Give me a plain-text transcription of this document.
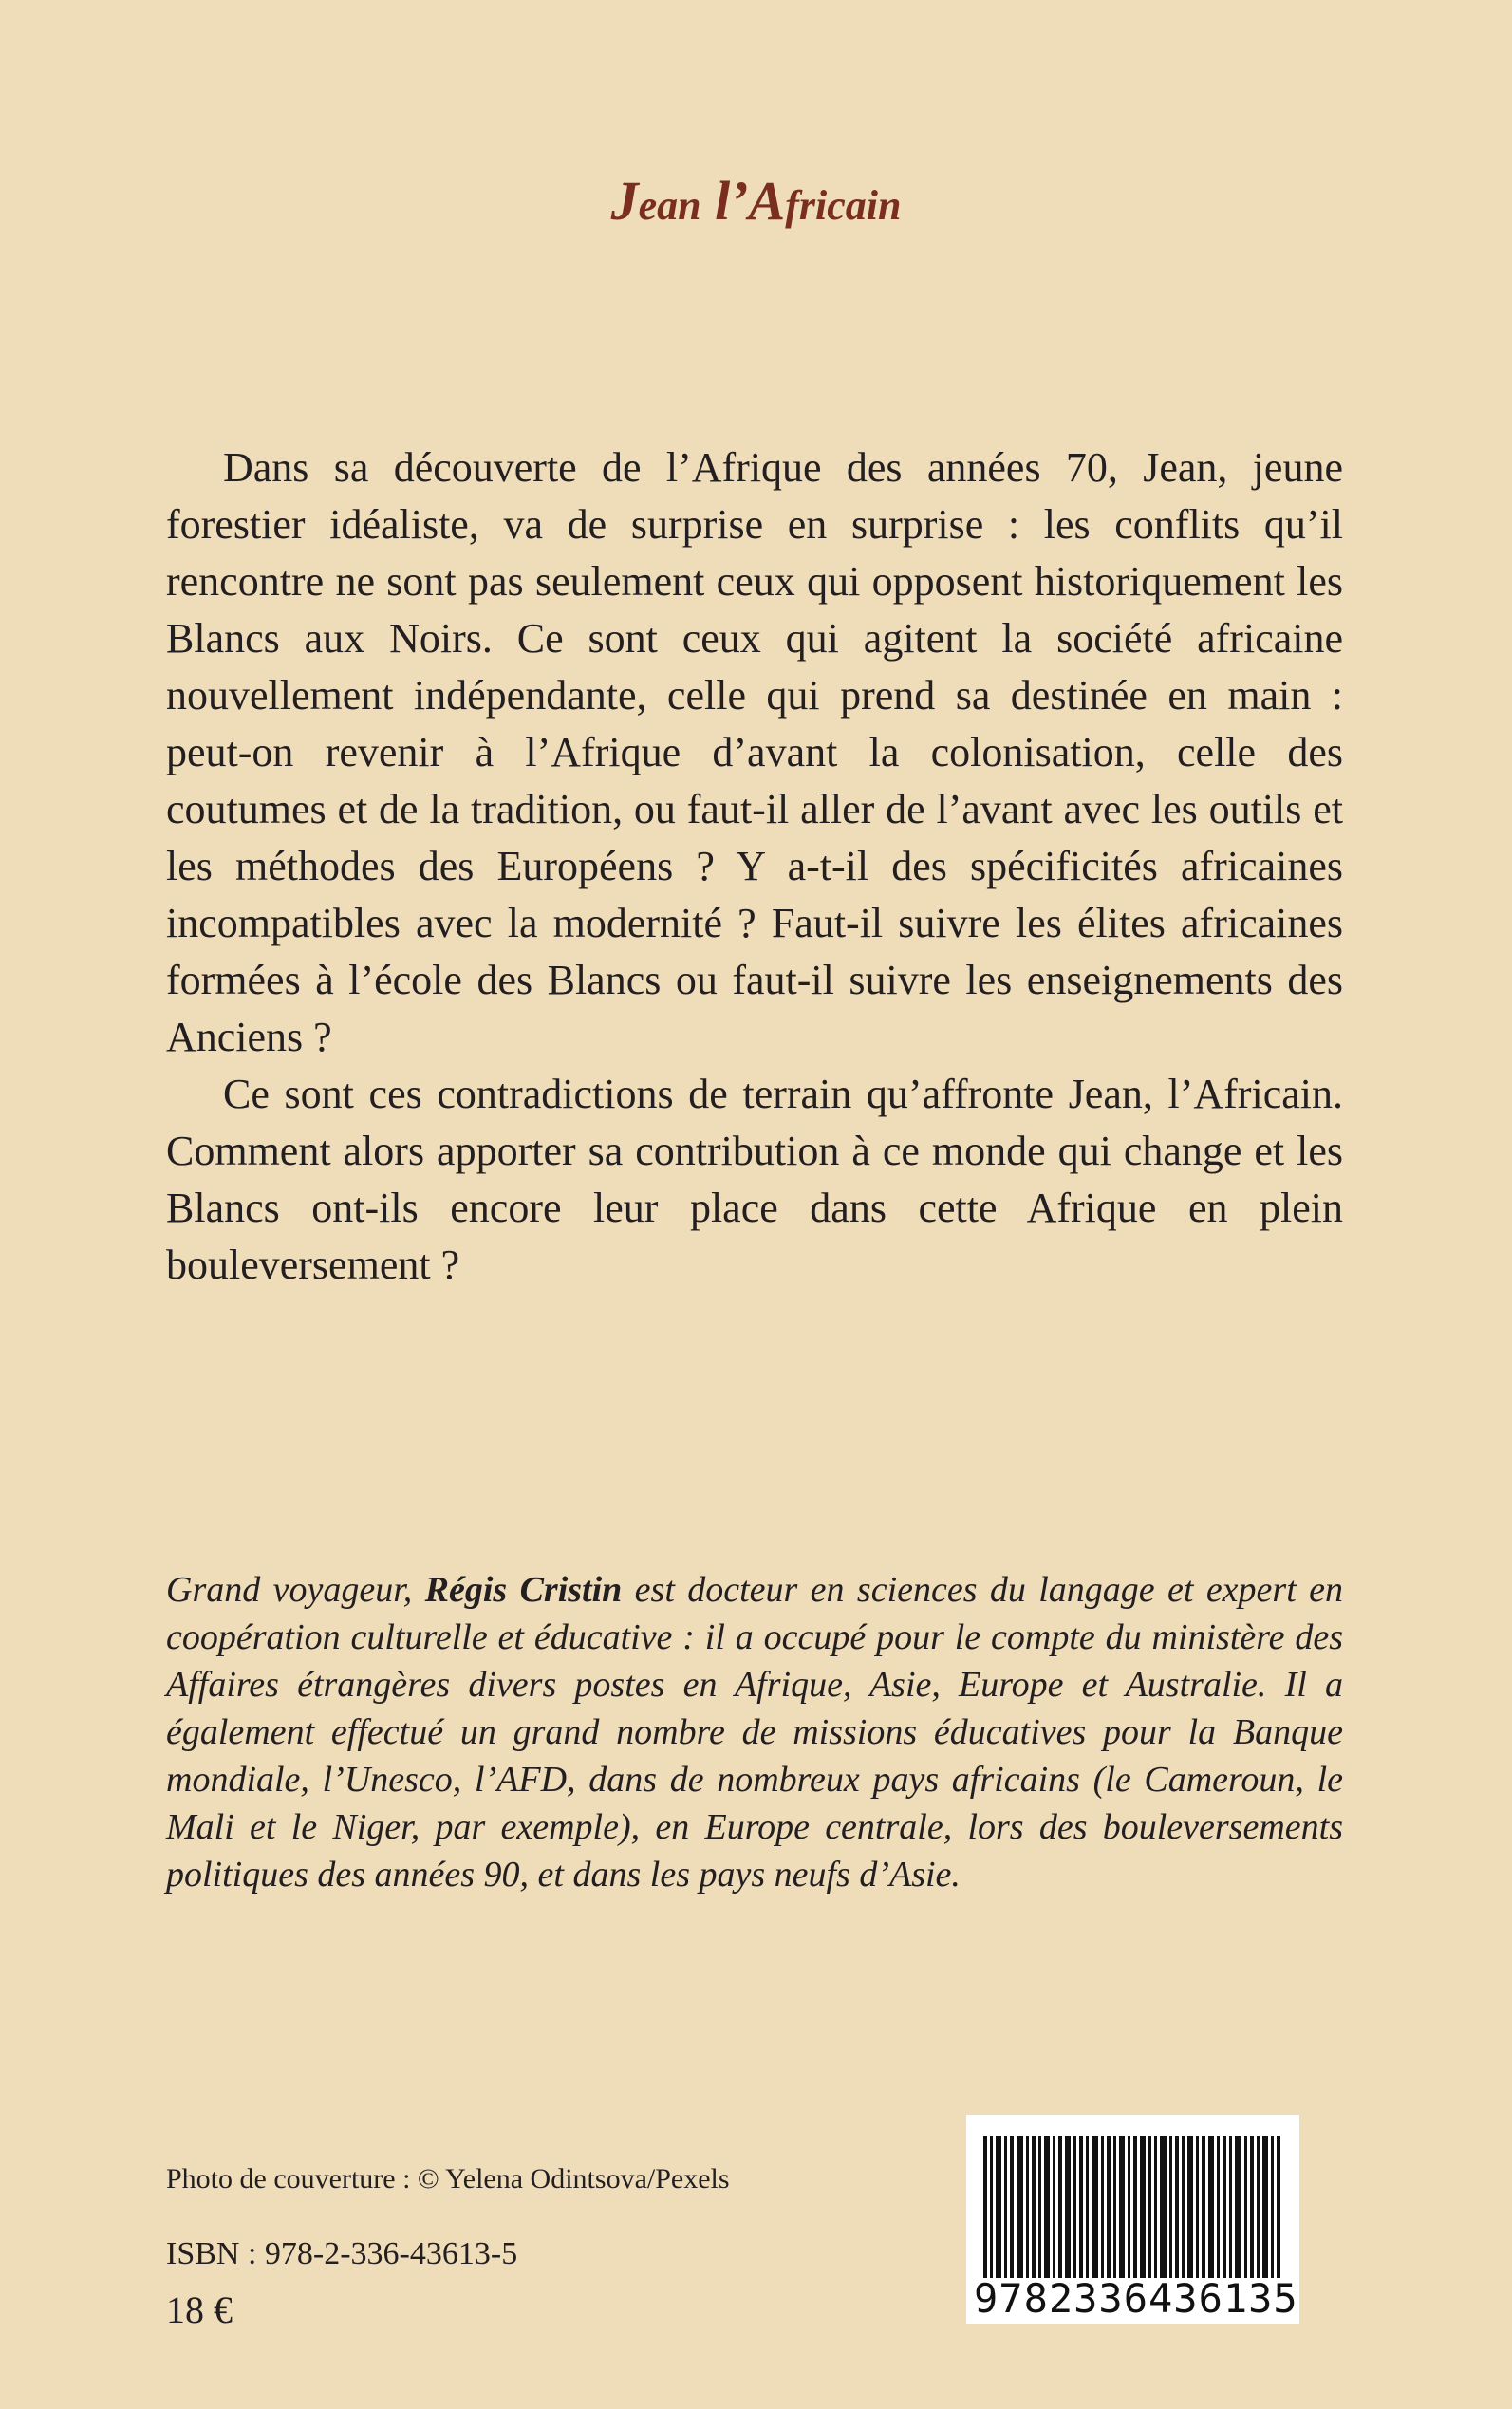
Jean l’Africain

Dans sa découverte de l’Afrique des années 70, Jean, jeune forestier idéaliste, va de surprise en surprise : les conflits qu’il rencontre ne sont pas seulement ceux qui opposent historiquement les Blancs aux Noirs. Ce sont ceux qui agitent la société africaine nouvellement indépendante, celle qui prend sa destinée en main : peut-on revenir à l’Afrique d’avant la colonisation, celle des coutumes et de la tradition, ou faut-il aller de l’avant avec les outils et les méthodes des Européens ? Y a-t-il des spécificités africaines incompatibles avec la modernité ? Faut-il suivre les élites africaines formées à l’école des Blancs ou faut-il suivre les enseignements des Anciens ?

Ce sont ces contradictions de terrain qu’affronte Jean, l’Africain. Comment alors apporter sa contribution à ce monde qui change et les Blancs ont-ils encore leur place dans cette Afrique en plein bouleversement ?

Grand voyageur, Régis Cristin est docteur en sciences du langage et expert en coopération culturelle et éducative : il a occupé pour le compte du ministère des Affaires étrangères divers postes en Afrique, Asie, Europe et Australie. Il a également effectué un grand nombre de missions éducatives pour la Banque mondiale, l’Unesco, l’AFD, dans de nombreux pays africains (le Cameroun, le Mali et le Niger, par exemple), en Europe centrale, lors des bouleversements politiques des années 90, et dans les pays neufs d’Asie.

Photo de couverture : © Yelena Odintsova/Pexels
ISBN : 978-2-336-43613-5
18 €	9782336436135
